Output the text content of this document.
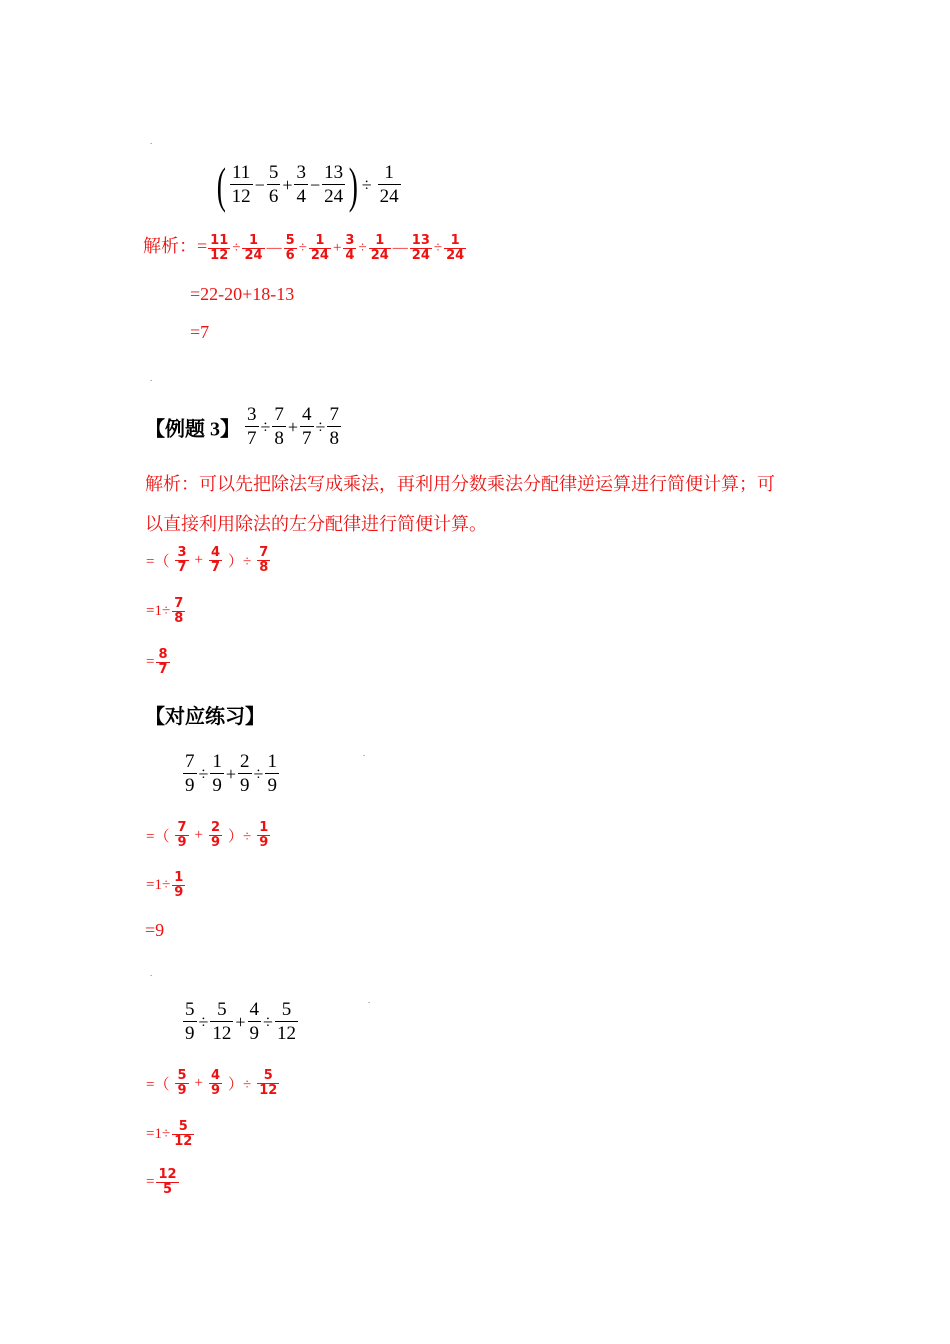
.
( $\frac{11}{12} - \frac{5}{6} + \frac{3}{4} - \frac{13}{24}$ ) ÷ $\frac{1}{24}$
解析：= $\frac{11}{12} \div \frac{1}{24}$ — $\frac{5}{6} \div \frac{1}{24} + \frac{3}{4} \div \frac{1}{24}$ — $\frac{13}{24} \div \frac{1}{24}$
=22-20+18-13
=7
.
【例题 3】 $\frac{3}{7} \div \frac{7}{8} + \frac{4}{7} \div \frac{7}{8}$
解析：可以先把除法写成乘法，再利用分数乘法分配律逆运算进行简便计算；可
以直接利用除法的左分配律进行简便计算。
=（ $\frac{3}{7} + \frac{4}{7}$ ）÷ $\frac{7}{8}$
$=1\div \frac{7}{8}$
= $\frac{8}{7}$
【对应练习】
$\frac{7}{9} \div \frac{1}{9} + \frac{2}{9} \div \frac{1}{9}$	.
=（ $\frac{7}{9} + \frac{2}{9}$ ）÷ $\frac{1}{9}$
$=1\div \frac{1}{9}$
=9
.
$\frac{5}{9} \div \frac{5}{12} + \frac{4}{9} \div \frac{5}{12}$	.
=（ $\frac{5}{9} + \frac{4}{9}$ ）÷ $\frac{5}{12}$
$=1\div \frac{5}{12}$
= $\frac{12}{5}$
